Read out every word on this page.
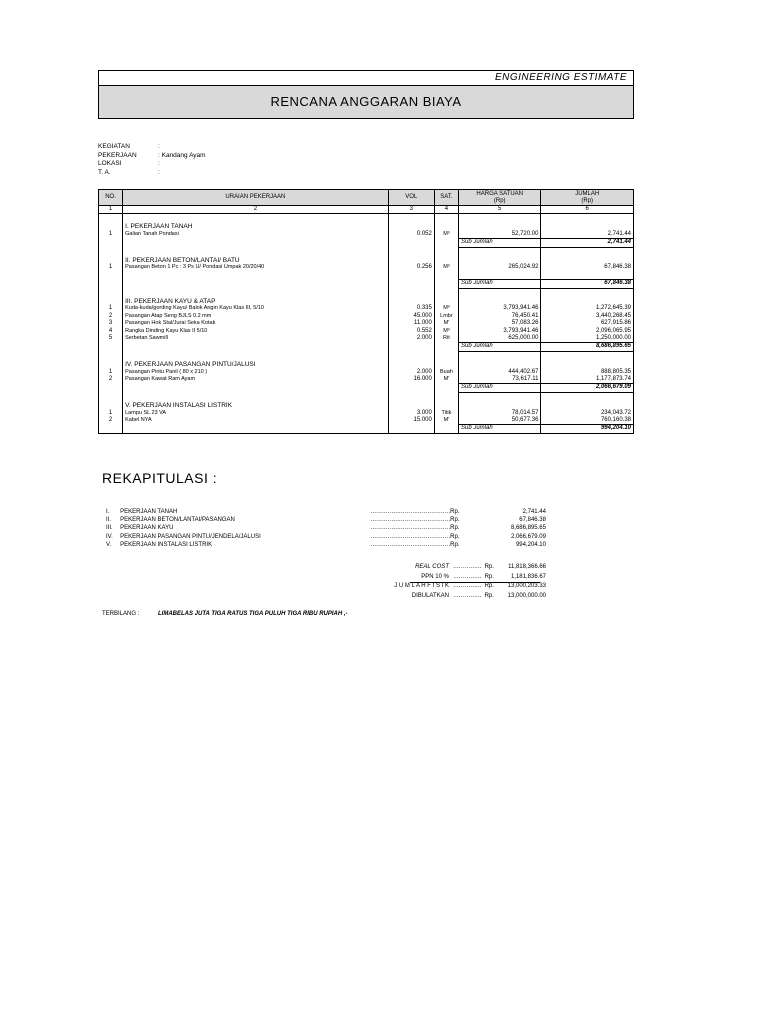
ENGINEERING ESTIMATE
RENCANA ANGGARAN BIAYA
KEGIATAN	:
PEKERJAAN	: Kandang Ayam
LOKASI	:
T. A.	:
NO.	URAIAN PEKERJAAN	VOL	SAT.	HARGA SATUAN
(Rp)	JUMLAH
(Rp)
1	2	3	4	5	6

	I. PEKERJAAN TANAH				
1	Galian Tanah Pondasi	0.052	M³	52,720.00	2,741.44
				Sub Jumlah	2,741.44

	II. PEKERJAAN BETON/LANTAI/ BATU				
1	Pasangan Beton 1 Pc : 3 Ps U/ Pondasi Umpak 20/20/40	0.256	M³	265,024.92	67,846.38

				Sub Jumlah	67,846.38

	III. PEKERJAAN KAYU & ATAP				
1	Kuda-kuda/gording Kayu/ Balok Angin Kayu Klas III, 5/10	0.335	M³	3,793,941.46	1,272,645.39
2	Pasangan Atap Seng BJLS 0.2 mm	45.000	Lmbr	76,450.41	3,440,268.45
3	Pasangan Hok Stal/Jurai Seka Kotak	11.000	M'	57,083.26	627,915.86
4	Rangka Dinding Kayu Klas II 5/10	0.552	M³	3,793,941.46	2,096,065.95
5	Serbetan Sawmill	2.000	Rit	625,000.00	1,250,000.00
				Sub Jumlah	8,686,895.65

	IV. PEKERJAAN PASANGAN PINTU/JALUSI				
1	Pasangan Pintu Panil ( 80 x 210 )	2.000	Buah	444,402.67	888,805.35
2	Pasangan Kawat Ram Ayam	16.000	M'	73,617.11	1,177,873.74
				Sub Jumlah	2,066,679.09

	V. PEKERJAAN INSTALASI LISTRIK				
1	Lampu SL 23 VA	3.000	Titik	78,014.57	234,043.72
2	Kabel NYA	15.000	M'	50,677.36	760,160.38
				Sub Jumlah	994,204.10
REKAPITULASI :
I.	PEKERJAAN TANAH	…………………………………… Rp.	2,741.44
II.	PEKERJAAN BETON/LANTAI/PASANGAN	…………………………………… Rp.	67,846.38
III.	PEKERJAAN KAYU	…………………………………… Rp.	8,686,895.65
IV.	PEKERJAAN PASANGAN PINTU/JENDELA/JALUSI	…………………………………… Rp.	2,066,679.09
V.	PEKERJAAN INSTALASI LISTRIK	…………………………………… Rp.	994,204.10
REAL COST …………… Rp.	11,818,366.66
PPN 10 % …………… Rp.	1,181,836.67
J U M L A H F I S I K …………… Rp.	13,000,203.33
DIBULATKAN …………… Rp.	13,000,000.00
TERBILANG :	LIMABELAS JUTA TIGA RATUS TIGA PULUH TIGA RIBU RUPIAH ,-
